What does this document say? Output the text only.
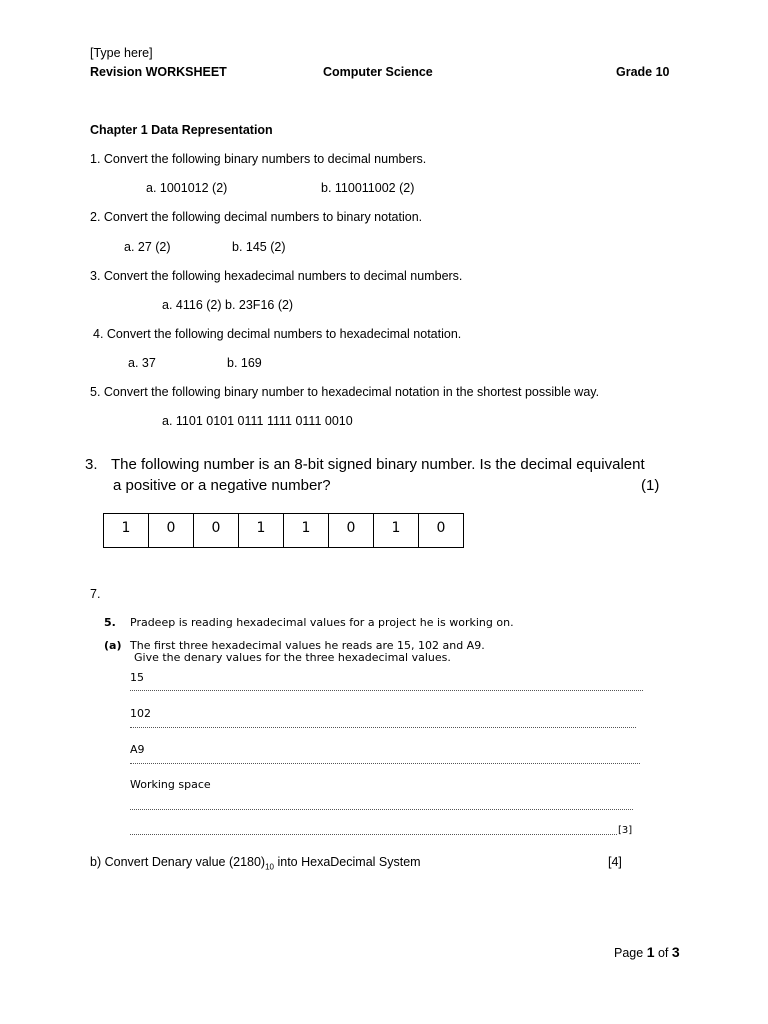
[Type here]
Revision WORKSHEET	Computer Science	Grade 10
Chapter 1 Data Representation
1. Convert the following binary numbers to decimal numbers.
a. 1001012 (2)	b. 110011002 (2)
2. Convert the following decimal numbers to binary notation.
a. 27 (2)	b. 145 (2)
3. Convert the following hexadecimal numbers to decimal numbers.
a. 4116 (2) b. 23F16 (2)
4. Convert the following decimal numbers to hexadecimal notation.
a. 37	b. 169
5. Convert the following binary number to hexadecimal notation in the shortest possible way.
a. 1101 0101 0111 1111 0111 0010
3. The following number is an 8-bit signed binary number. Is the decimal equivalent
a positive or a negative number?	(1)
1	0	0	1	1	0	1	0
7.
5. Pradeep is reading hexadecimal values for a project he is working on.
(a) The first three hexadecimal values he reads are 15, 102 and A9.
Give the denary values for the three hexadecimal values.
15
102
A9
Working space
[3]
b) Convert Denary value $(2180)_{10}$ into HexaDecimal System	[4]
Page 1 of 3
